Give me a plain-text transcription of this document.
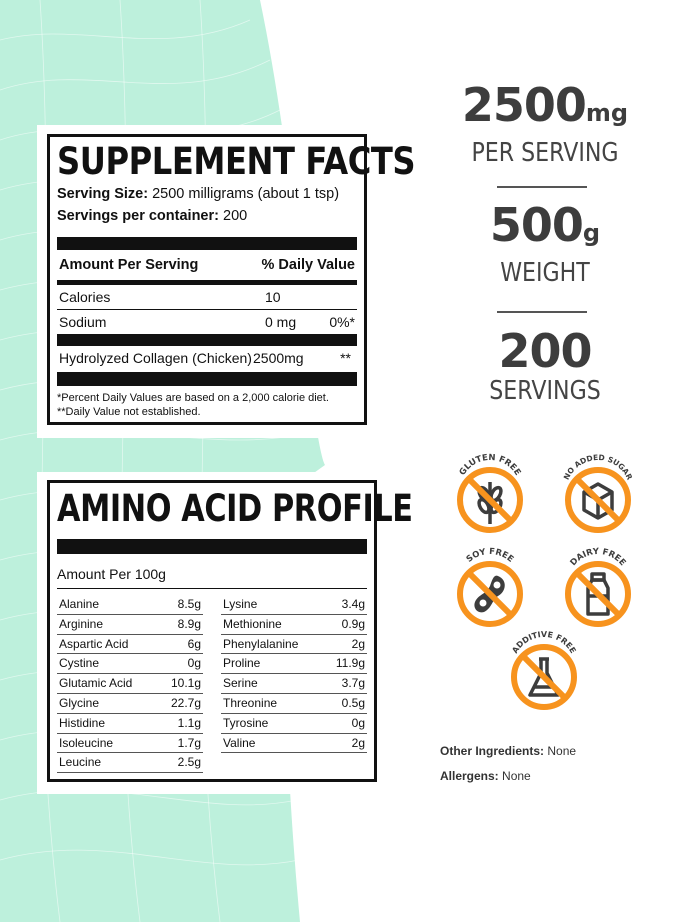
SUPPLEMENT FACTS
Serving Size: 2500 milligrams (about 1 tsp)
Servings per container: 200
Amount Per Serving	% Daily Value
Calories	10
Sodium	0 mg 0%*
Hydrolyzed Collagen (Chicken) 2500mg	**
*Percent Daily Values are based on a 2,000 calorie diet.
**Daily Value not established.
AMINO ACID PROFILE
Amount Per 100g
Alanine	8.5g
Arginine	8.9g
Aspartic Acid	6g
Cystine	0g
Glutamic Acid	10.1g
Glycine	22.7g
Histidine	1.1g
Isoleucine	1.7g
Leucine	2.5g
Lysine	3.4g
Methionine	0.9g
Phenylalanine	2g
Proline	11.9g
Serine	3.7g
Threonine	0.5g
Tyrosine	0g
Valine	2g
2500mg
PER SERVING
500g
WEIGHT
200
SERVINGS
GLUTEN FREE	NO ADDED SUGAR
SOY FREE	DAIRY FREE
ADDITIVE FREE
Other Ingredients: None
Allergens: None
